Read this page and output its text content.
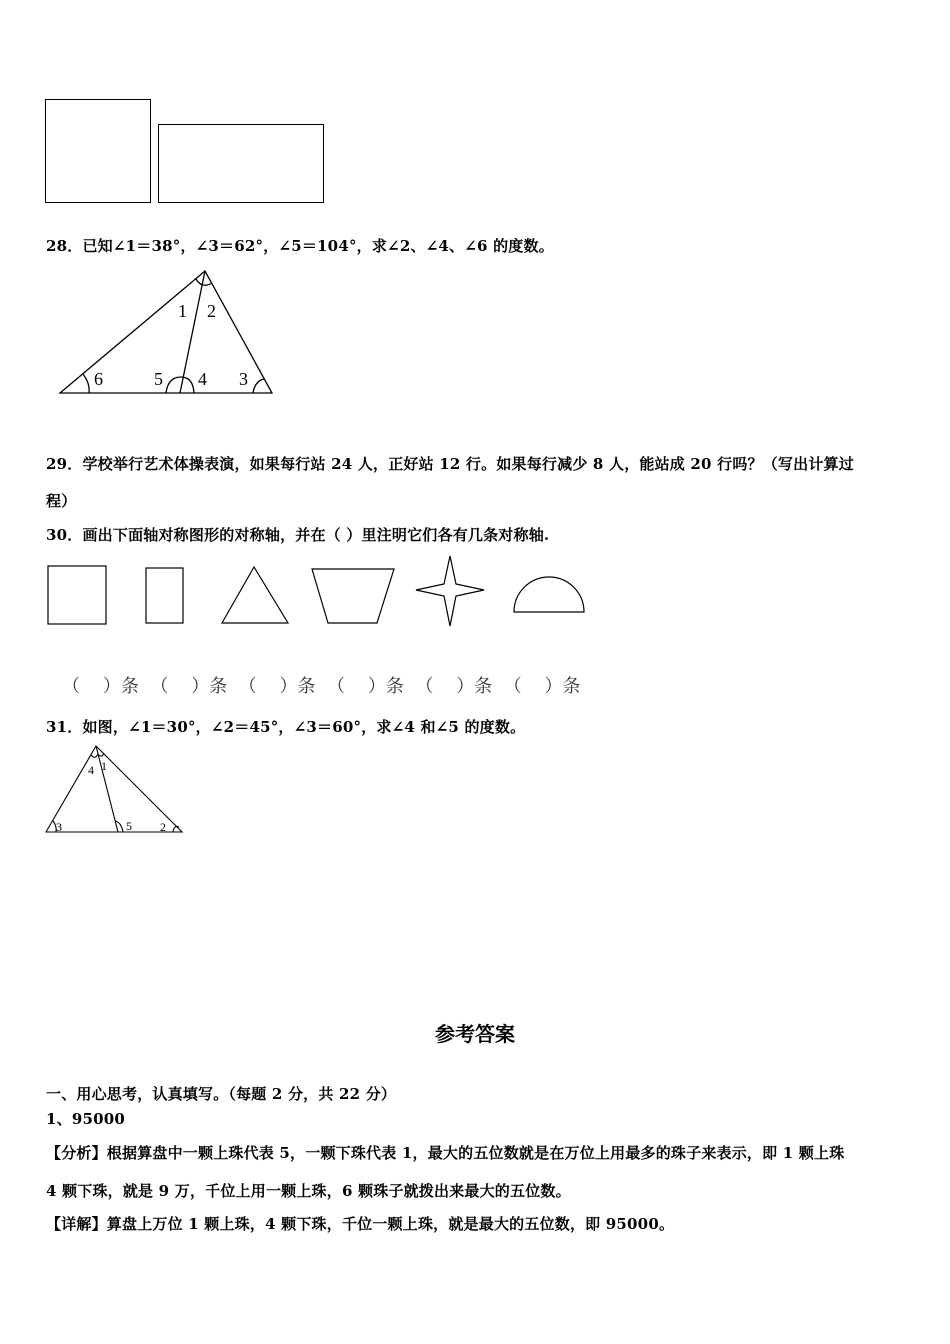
28．已知∠1＝38°，∠3＝62°，∠5＝104°，求∠2、∠4、∠6 的度数。
1 2
6	5 4 3
29．学校举行艺术体操表演，如果每行站 24 人，正好站 12 行。如果每行减少 8 人，能站成 20 行吗？（写出计算过
程）
30．画出下面轴对称图形的对称轴，并在（ ）里注明它们各有几条对称轴.
（    ）条  （    ）条  （    ）条  （    ）条  （    ）条  （    ）条
31．如图，∠1＝30°，∠2＝45°，∠3＝60°，求∠4 和∠5 的度数。
4 1
3	5 2
参考答案
一、用心思考，认真填写。（每题 2 分，共 22 分）
1、95000
【分析】根据算盘中一颗上珠代表 5，一颗下珠代表 1，最大的五位数就是在万位上用最多的珠子来表示，即 1 颗上珠
4 颗下珠，就是 9 万，千位上用一颗上珠，6 颗珠子就拨出来最大的五位数。
【详解】算盘上万位 1 颗上珠，4 颗下珠，千位一颗上珠，就是最大的五位数，即 95000。
